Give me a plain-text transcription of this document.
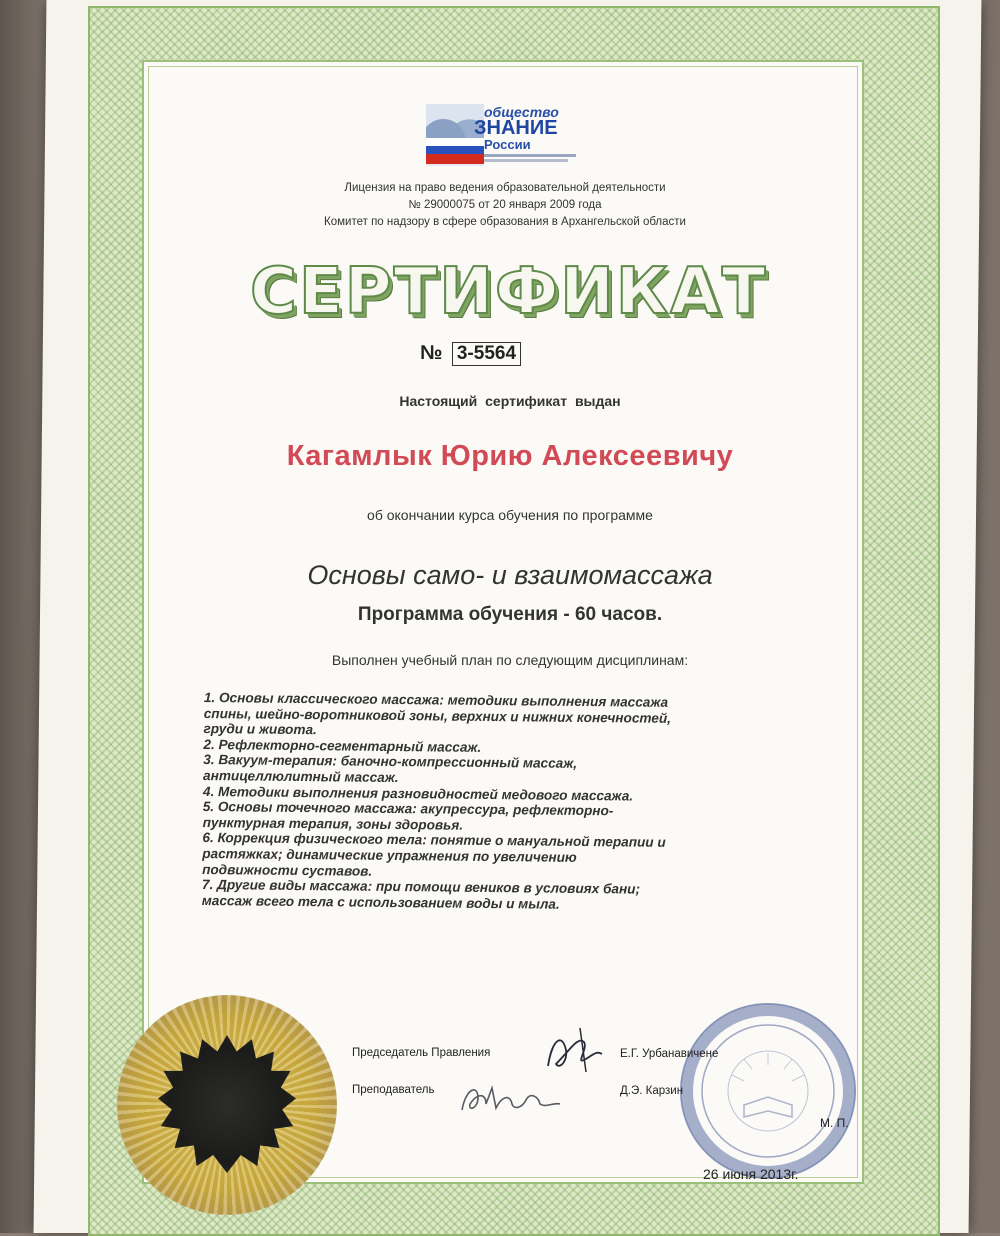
общество
ЗНАНИЕ
России
Лицензия на право ведения образовательной деятельности
№ 29000075 от 20 января 2009 года
Комитет по надзору в сфере образования в Архангельской области
СЕРТИФИКАТ
№ 3-5564
Настоящий сертификат выдан
Кагамлык Юрию Алексеевичу
об окончании курса обучения по программе
Основы само- и взаимомассажа
Программа обучения - 60 часов.
Выполнен учебный план по следующим дисциплинам:
1. Основы классического массажа: методики выполнения массажа
спины, шейно-воротниковой зоны, верхних и нижних конечностей,
груди и живота.
2. Рефлекторно-сегментарный массаж.
3. Вакуум-терапия: баночно-компрессионный массаж,
антицеллюлитный массаж.
4. Методики выполнения разновидностей медового массажа.
5. Основы точечного массажа: акупрессура, рефлекторно-
пунктурная терапия, зоны здоровья.
6. Коррекция физического тела: понятие о мануальной терапии и
растяжках; динамические упражнения по увеличению
подвижности суставов.
7. Другие виды массажа: при помощи веников в условиях бани;
массаж всего тела с использованием воды и мыла.
Председатель Правления	Е.Г. Урбанавичене
Преподаватель	Д.Э. Карзин
М. П.
26 июня 2013г.
